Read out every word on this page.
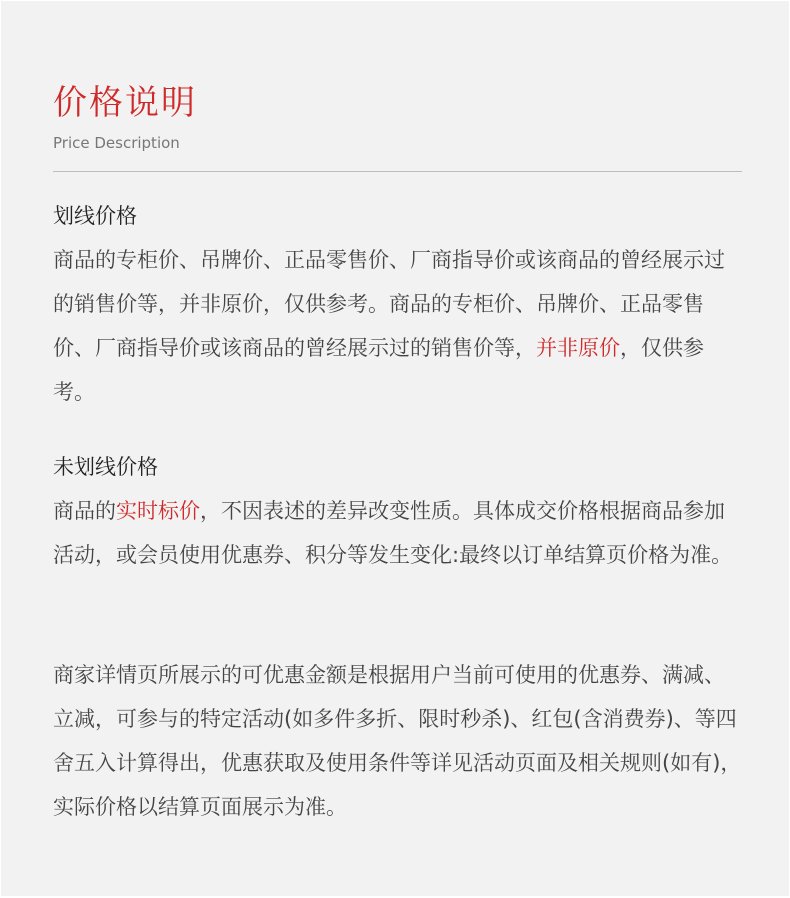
价格说明
Price Description
划线价格

商品的专柜价、吊牌价、正品零售价、厂商指导价或该商品的曾经展示过的销售价等，并非原价，仅供参考。商品的专柜价、吊牌价、正品零售价、厂商指导价或该商品的曾经展示过的销售价等，并非原价，仅供参考。

未划线价格

商品的实时标价，不因表述的差异改变性质。具体成交价格根据商品参加活动，或会员使用优惠券、积分等发生变化:最终以订单结算页价格为准。

商家详情页所展示的可优惠金额是根据用户当前可使用的优惠券、满减、立减，可参与的特定活动(如多件多折、限时秒杀)、红包(含消费券)、等四舍五入计算得出，优惠获取及使用条件等详见活动页面及相关规则(如有)，实际价格以结算页面展示为准。
